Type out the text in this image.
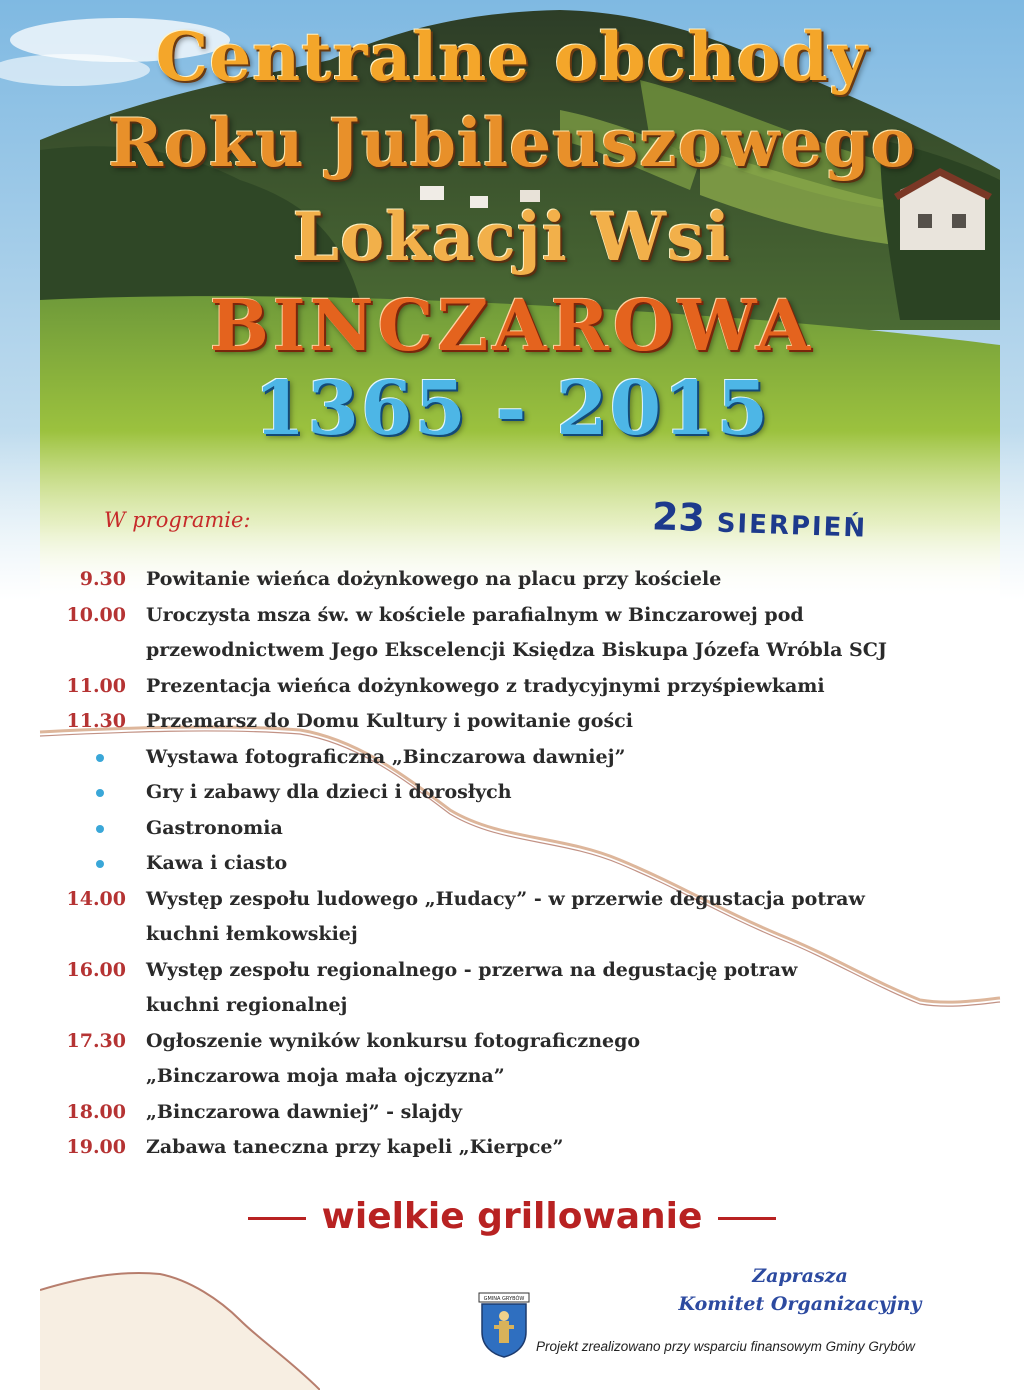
Centralne obchody
Roku Jubileuszowego
Lokacji Wsi
BINCZAROWA
1365 - 2015
W programie:	23 SIERPIEŃ
9.30 Powitanie wieńca dożynkowego na placu przy kościele
10.00 Uroczysta msza św. w kościele parafialnym w Binczarowej pod
przewodnictwem Jego Ekscelencji Księdza Biskupa Józefa Wróbla SCJ
11.00 Prezentacja wieńca dożynkowego z tradycyjnymi przyśpiewkami
11.30 Przemarsz do Domu Kultury i powitanie gości
Wystawa fotograficzna „Binczarowa dawniej”
Gry i zabawy dla dzieci i dorosłych
Gastronomia
Kawa i ciasto
14.00 Występ zespołu ludowego „Hudacy” - w przerwie degustacja potraw
kuchni łemkowskiej
16.00 Występ zespołu regionalnego - przerwa na degustację potraw
kuchni regionalnej
17.30 Ogłoszenie wyników konkursu fotograficznego
„Binczarowa moja mała ojczyzna”
18.00 „Binczarowa dawniej” - slajdy
19.00 Zabawa taneczna przy kapeli „Kierpce”
wielkie grillowanie
GMINA GRYBÓW
Zaprasza
Komitet Organizacyjny
Projekt zrealizowano przy wsparciu finansowym Gminy Grybów
